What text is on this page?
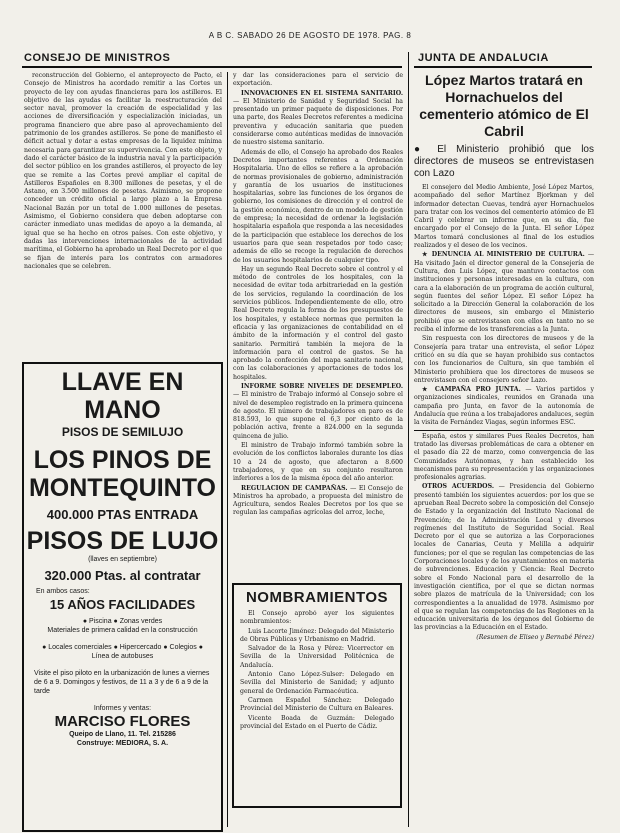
A B C. SABADO 26 DE AGOSTO DE 1978. PAG. 8
CONSEJO DE MINISTROS	JUNTA DE ANDALUCIA

reconstrucción del Gobierno, el anteproyecto de Pacto, el Consejo de Ministros ha acordado remitir a las Cortes un proyecto de ley con ayudas financieras para los astilleros. El objetivo de las ayudas es facilitar la reestructuración del sector naval, promover la creación de especialidad y las acciones de diversificación y especialización iniciadas, un programa financiero que abre paso al aprovechamiento del patrimonio de los grandes astilleros. Se pone de manifiesto el déficit actual y dotar a estas empresas de la liquidez mínima necesaria para garantizar su supervivencia. Con este objeto, y dado el carácter básico de la industria naval y la participación del sector público en los grandes astilleros, el proyecto de ley que se remite a las Cortes prevé ampliar el capital de Astilleros Españoles en 8.300 millones de pesetas, y el de Astano, en 3.500 millones de pesetas. Asimismo, se propone conceder un crédito oficial a largo plazo a la Empresa Nacional Bazán por un total de 1.000 millones de pesetas. Asimismo, el Gobierno considera que deben adoptarse con carácter inmediato unas medidas de apoyo a la demanda, al igual que se ha hecho en otros países. Con este objetivo, y dadas las intervenciones internacionales de la actividad marítima, el Gobierno ha aprobado un Real Decreto por el que se fijan de interés para los contratos con armadores nacionales que se celebren.

LLAVE EN MANO
PISOS DE SEMILUJO
LOS PINOS DE
MONTEQUINTO
400.000 PTAS ENTRADA
PISOS DE LUJO
(llaves en septiembre)
320.000 Ptas. al contratar
En ambos casos:
15 AÑOS FACILIDADES
● Piscina ● Zonas verdes
Materiales de primera calidad en la construcción
● Locales comerciales ● Hipercercado ● Colegios ● Línea de autobuses
Visite el piso piloto en la urbanización de lunes a viernes de 6 a 9. Domingos y festivos, de 11 a 3 y de 6 a 9 de la tarde
Informes y ventas:
MARCISO FLORES
Queipo de Llano, 11. Tel. 215286
Construye: MEDIORA, S. A.

y dar las consideraciones para el servicio de exportación.

INNOVACIONES EN EL SISTEMA SANITARIO. — El Ministerio de Sanidad y Seguridad Social ha presentado un primer paquete de disposiciones. Por una parte, dos Reales Decretos referentes a medicina preventiva y educación sanitaria que pueden considerarse como auténticas medidas de innovación de nuestro sistema sanitario.

Además de ello, el Consejo ha aprobado dos Reales Decretos importantes referentes a Ordenación Hospitalaria. Uno de ellos se refiere a la aprobación de normas provisionales de gobierno, administración y garantía de los usuarios de instituciones hospitalarias, sobre las funciones de los órganos de gobierno, los comisiones de dirección y el control de la gestión económica, dentro de un modelo de gestión de empresa; la necesidad de ordenar la legislación hospitalaria española que responda a las necesidades de la participación que establece los derechos de los usuarios para que sean respetados por todo caso; además de ello se recoge la regulación de derechos de los usuarios hospitalarios de cualquier tipo.

Hay un segundo Real Decreto sobre el control y el método de controles de los hospitales, con la necesidad de evitar toda arbitrariedad en la gestión de los servicios, regulando la coordinación de los servicios públicos. Independientemente de ello, otro Real Decreto regula la forma de los presupuestos de los hospitales, y establece normas que permiten la eficacia y las organizaciones de contabilidad en el ámbito de la información y el control del gasto sanitario. Permitirá también la mejora de la información para el control de gastos. Se ha aprobado la confección del mapa sanitario nacional, con las colaboraciones y aportaciones de todos los hospitales.

INFORME SOBRE NIVELES DE DESEMPLEO. — El ministro de Trabajo informó al Consejo sobre el nivel de desempleo registrado en la primera quincena de agosto. El número de trabajadores en paro es de 818.593, lo que supone el 6,3 por ciento de la población activa, frente a 824.000 en la segunda quincena de julio.

El ministro de Trabajo informó también sobre la evolución de los conflictos laborales durante los días 10 a 24 de agosto, que afectaron a 8.600 trabajadores, y que en su conjunto resultaron inferiores a los de la misma época del año anterior.

REGULACION DE CAMPAÑAS. — El Consejo de Ministros ha aprobado, a propuesta del ministro de Agricultura, sendos Reales Decretos por los que se regulan las campañas agrícolas del arroz, leche,

NOMBRAMIENTOS

El Consejo aprobó ayer los siguientes nombramientos:

Luis Lacorte Jiménez: Delegado del Ministerio de Obras Públicas y Urbanismo en Madrid.

Salvador de la Rosa y Pérez: Vicerrector en Sevilla de la Universidad Politécnica de Andalucía.

Antonio Cano López-Sulser: Delegado en Sevilla del Ministerio de Sanidad; y adjunto general de Ordenación Farmacéutica.

Carmen Español Sánchez: Delegado Provincial del Ministerio de Cultura en Baleares.

Vicente Boada de Guzmán: Delegado provincial del Estado en el Puerto de Cádiz.

López Martos tratará en Hornachuelos del cementerio atómico de El Cabril
● El Ministerio prohibió que los directores de museos se entrevistasen con Lazo

El consejero del Medio Ambiente, José López Martos, acompañado del señor Martínez Bjorkman y del informador detectan Cuevas, tendrá ayer Hornachuelos para tratar con los vecinos del cementerio atómico de El Cabril y celebrar un informe que, en su día, fue encargado por el Consejo de la Junta. El señor López Martos tomará conclusiones al final de los estudios realizados y el deseo de los vecinos.

★ DENUNCIA AL MINISTERIO DE CULTURA. — Ha visitado Jaén el director general de la Consejería de Cultura, don Luis López, que mantuvo contactos con instituciones y personas interesadas en la cultura, con cara a la elaboración de un programa de acción cultural, según fuentes del señor López. El señor López ha solicitado a la Dirección General la colaboración de los directores de museos, sin embargo el Ministerio prohibió que se entrevistasen con ellos en tanto no se reciba el informe de los transferencias a la Junta.

Sin respuesta con los directores de museos y de la Consejería para tratar una entrevista, el señor López criticó en su día que se hayan prohibido sus contactos con los funcionarios de Cultura, sin que también el Ministerio prohibiera que los directores de museos se entrevistasen con el consejero señor Lazo.

★ CAMPAÑA PRO JUNTA. — Varios partidos y organizaciones sindicales, reunidos en Granada una campaña pro Junta, en favor de la autonomía de Andalucía que reúna a los trabajadores andaluces, según la visita de Fernández Viagas, según informes ESC.

España, estos y similares Pues Reales Decretos, han tratado las diversas problemáticas de cara a obtener en el pasado día 22 de marzo, como convergencia de las Comunidades Autónomas, y han establecido los mecanismos para su representación y las organizaciones profesionales agrarias.

OTROS ACUERDOS. — Presidencia del Gobierno presentó también los siguientes acuerdos: por los que se aprueban Real Decreto sobre la composición del Consejo de Estado y la organización del Instituto Nacional de Prevención; de la Administración Local y diversos regímenes del Instituto de Seguridad Social. Real Decreto por el que se autoriza a las Corporaciones locales de Canarias, Ceuta y Melilla a adquirir funciones; por el que se regulan las competencias de las Corporaciones locales y de los ayuntamientos en materia de subvenciones. Educación y Ciencia: Real Decreto sobre el Fondo Nacional para el desarrollo de la investigación científica, por el que se dictan normas sobre plazos de matrícula de la Universidad; con los correspondientes a la anualidad de 1978. Asimismo por el que se regulan las competencias de las Regiones en la educación universitaria de los órganos del Gobierno de las provincias a la Educación en el Estado.

(Resumen de Eliseo y Bernabé Pérez)
